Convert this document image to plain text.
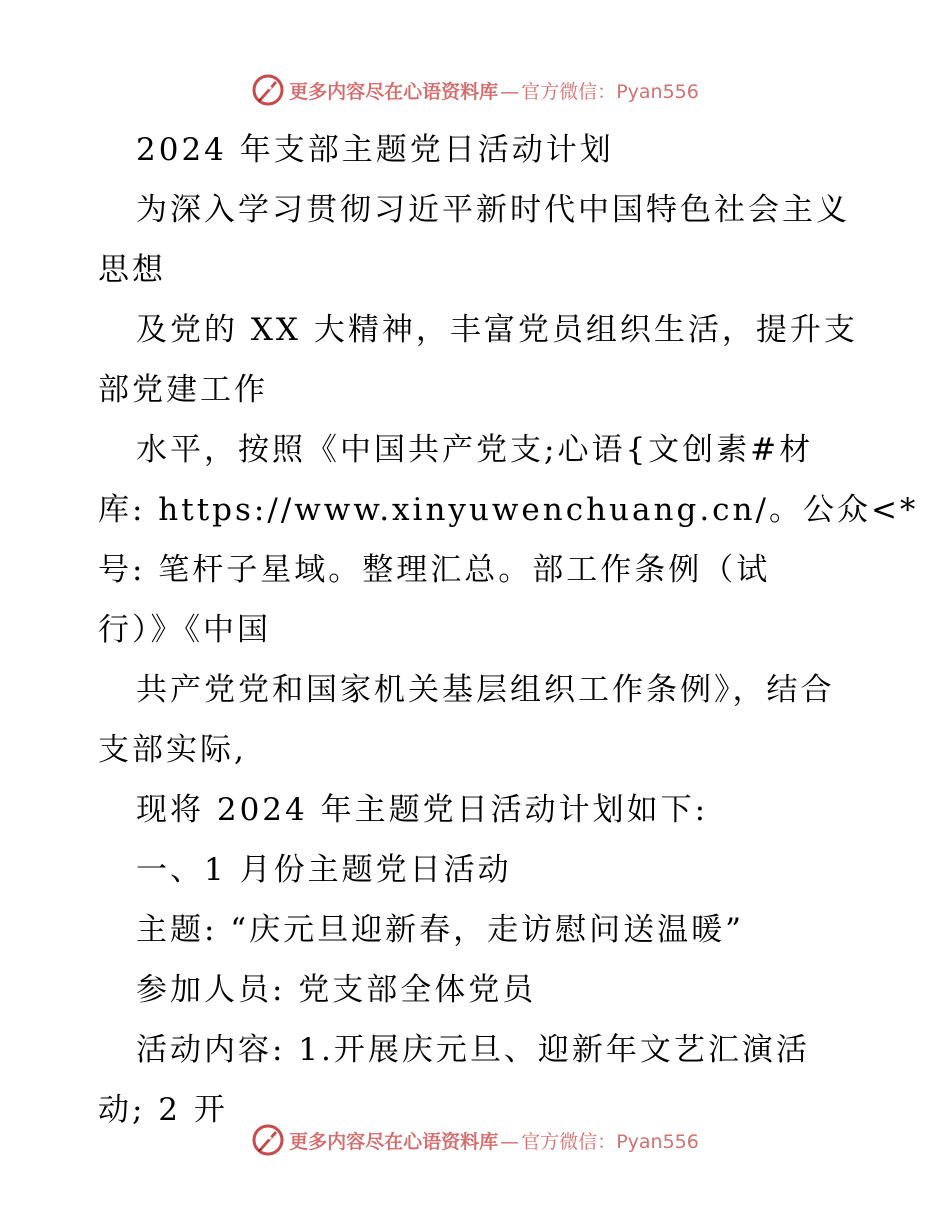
更多内容尽在心语资料库 — 官方微信：Pyan556
2024 年支部主题党日活动计划
为深入学习贯彻习近平新时代中国特色社会主义
思想
及党的 XX 大精神，丰富党员组织生活，提升支
部党建工作
水平，按照《中国共产党支;心语{文创素#材
库: https://www.xinyuwenchuang.cn/。公众<*
号: 笔杆子星域。整理汇总。部工作条例（试
行）》《中国
共产党党和国家机关基层组织工作条例》，结合
支部实际,
现将 2024 年主题党日活动计划如下:
一、1 月份主题党日活动
主题: “庆元旦迎新春，走访慰问送温暖”
参加人员: 党支部全体党员
活动内容: 1.开展庆元旦、迎新年文艺汇演活
动; 2 开
更多内容尽在心语资料库 — 官方微信：Pyan556
